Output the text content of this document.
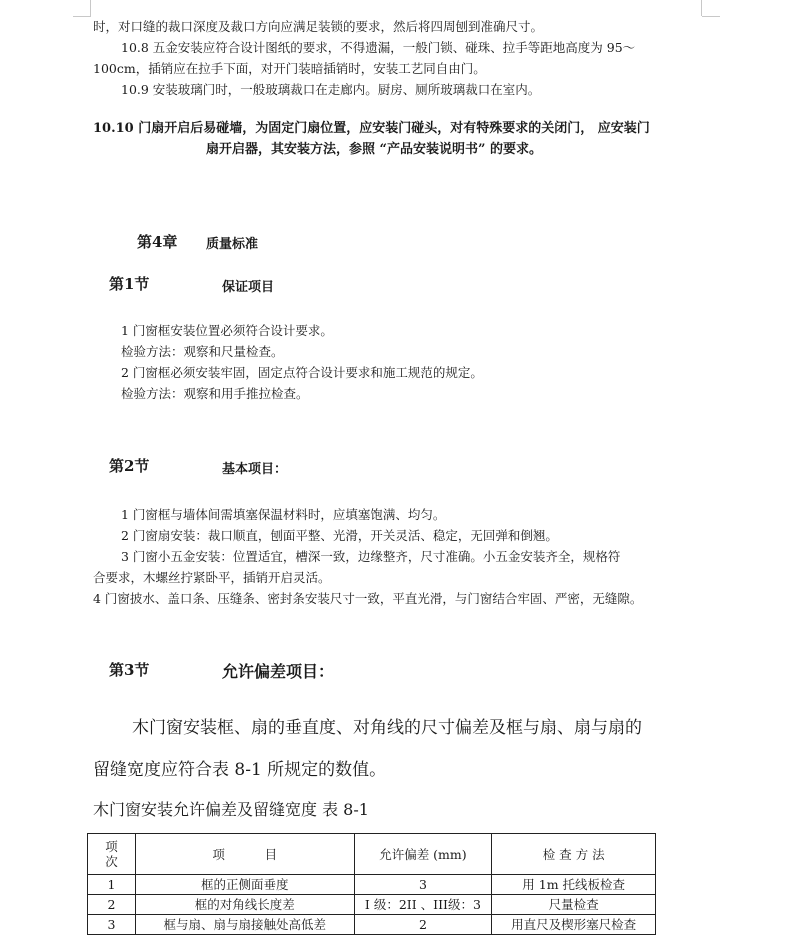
时，对口缝的裁口深度及裁口方向应满足装锁的要求，然后将四周刨到准确尺寸。
10.8 五金安装应符合设计图纸的要求，不得遗漏，一般门锁、碰珠、拉手等距地高度为 95～
100cm，插销应在拉手下面，对开门装暗插销时，安装工艺同自由门。
10.9 安装玻璃门时，一般玻璃裁口在走廊内。厨房、厕所玻璃裁口在室内。
10.10 门扇开启后易碰墙，为固定门扇位置，应安装门碰头，对有特殊要求的关闭门， 应安装门
扇开启器，其安装方法，参照 “产品安装说明书” 的要求。
第4章 质量标准
第1节	保证项目
1 门窗框安装位置必须符合设计要求。
检验方法：观察和尺量检查。
2 门窗框必须安装牢固，固定点符合设计要求和施工规范的规定。
检验方法：观察和用手推拉检查。
第2节	基本项目：
1 门窗框与墙体间需填塞保温材料时，应填塞饱满、均匀。
2 门窗扇安装：裁口顺直，刨面平整、光滑，开关灵活、稳定，无回弹和倒翘。
3 门窗小五金安装：位置适宜，槽深一致，边缘整齐，尺寸准确。小五金安装齐全，规格符
合要求，木螺丝拧紧卧平，插销开启灵活。
4 门窗披水、盖口条、压缝条、密封条安装尺寸一致，平直光滑，与门窗结合牢固、严密，无缝隙。
第3节	允许偏差项目：
木门窗安装框、扇的垂直度、对角线的尺寸偏差及框与扇、扇与扇的
留缝宽度应符合表 8-1 所规定的数值。
木门窗安装允许偏差及留缝宽度 表 8-1
项
次	项          目	允许偏差 (mm)	检 查 方 法
1	框的正侧面垂度	3	用 1m 托线板检查
2	框的对角线长度差	I 级：2II 、III级：3	尺量检查
3	框与扇、扇与扇接触处高低差	2	用直尺及楔形塞尺检查
